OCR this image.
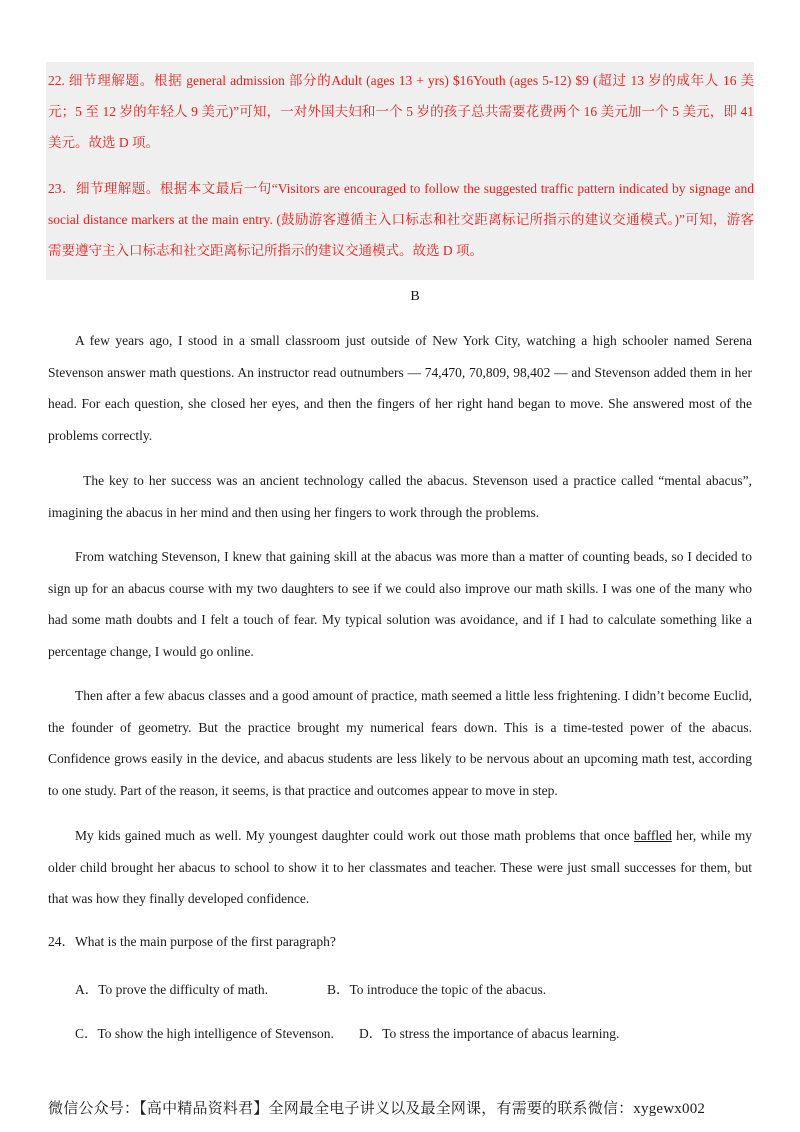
22. 细节理解题。根据 general admission 部分的Adult (ages 13 + yrs) $16Youth (ages 5-12) $9 (超过 13 岁的成年人 16 美元；5 至 12 岁的年轻人 9 美元)”可知，一对外国夫妇和一个 5 岁的孩子总共需要花费两个 16 美元加一个 5 美元，即 41 美元。故选 D 项。

23．细节理解题。根据本文最后一句“Visitors are encouraged to follow the suggested traffic pattern indicated by signage and social distance markers at the main entry. (鼓励游客遵循主入口标志和社交距离标记所指示的建议交通模式。)”可知，游客需要遵守主入口标志和社交距离标记所指示的建议交通模式。故选 D 项。

B

A few years ago, I stood in a small classroom just outside of New York City, watching a high schooler named Serena Stevenson answer math questions. An instructor read outnumbers — 74,470, 70,809, 98,402 — and Stevenson added them in her head. For each question, she closed her eyes, and then the fingers of her right hand began to move. She answered most of the problems correctly.

The key to her success was an ancient technology called the abacus. Stevenson used a practice called “mental abacus”, imagining the abacus in her mind and then using her fingers to work through the problems.

From watching Stevenson, I knew that gaining skill at the abacus was more than a matter of counting beads, so I decided to sign up for an abacus course with my two daughters to see if we could also improve our math skills. I was one of the many who had some math doubts and I felt a touch of fear. My typical solution was avoidance, and if I had to calculate something like a percentage change, I would go online.

Then after a few abacus classes and a good amount of practice, math seemed a little less frightening. I didn’t become Euclid, the founder of geometry. But the practice brought my numerical fears down. This is a time-tested power of the abacus. Confidence grows easily in the device, and abacus students are less likely to be nervous about an upcoming math test, according to one study. Part of the reason, it seems, is that practice and outcomes appear to move in step.

My kids gained much as well. My youngest daughter could work out those math problems that once baffled her, while my older child brought her abacus to school to show it to her classmates and teacher. These were just small successes for them, but that was how they finally developed confidence.

24．What is the main purpose of the first paragraph?

A．To prove the difficulty of math.	B．To introduce the topic of the abacus.

C．To show the high intelligence of Stevenson. D．To stress the importance of abacus learning.

微信公众号：【高中精品资料君】全网最全电子讲义以及最全网课，有需要的联系微信：xygewx002
